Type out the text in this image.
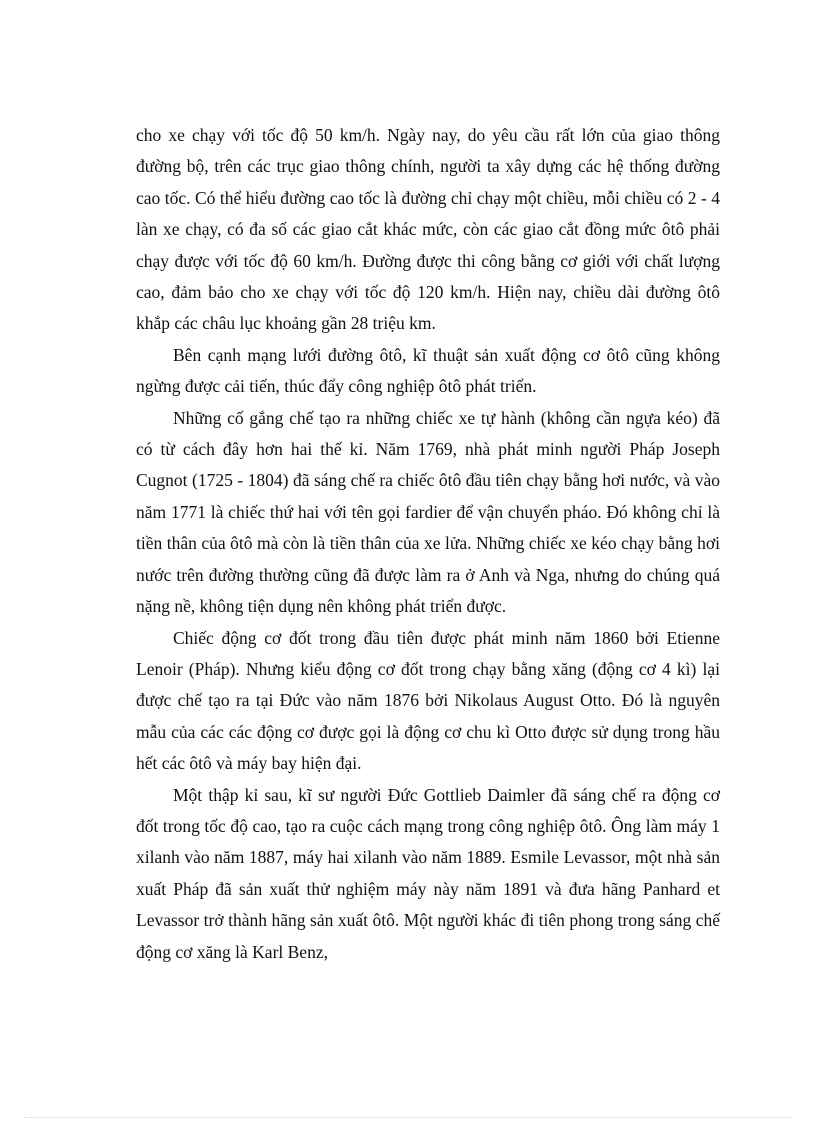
cho xe chạy với tốc độ 50 km/h. Ngày nay, do yêu cầu rất lớn của giao thông đường bộ, trên các trục giao thông chính, người ta xây dựng các hệ thống đường cao tốc. Có thể hiểu đường cao tốc là đường chỉ chạy một chiều, mỗi chiều có 2 - 4 làn xe chạy, có đa số các giao cắt khác mức, còn các giao cắt đồng mức ôtô phải chạy được với tốc độ 60 km/h. Đường được thi công bằng cơ giới với chất lượng cao, đảm bảo cho xe chạy với tốc độ 120 km/h. Hiện nay, chiều dài đường ôtô khắp các châu lục khoảng gần 28 triệu km.

Bên cạnh mạng lưới đường ôtô, kĩ thuật sản xuất động cơ ôtô cũng không ngừng được cải tiến, thúc đẩy công nghiệp ôtô phát triển.

Những cố gắng chế tạo ra những chiếc xe tự hành (không cần ngựa kéo) đã có từ cách đây hơn hai thế kỉ. Năm 1769, nhà phát minh người Pháp Joseph Cugnot (1725 - 1804) đã sáng chế ra chiếc ôtô đầu tiên chạy bằng hơi nước, và vào năm 1771 là chiếc thứ hai với tên gọi fardier để vận chuyển pháo. Đó không chỉ là tiền thân của ôtô mà còn là tiền thân của xe lửa. Những chiếc xe kéo chạy bằng hơi nước trên đường thường cũng đã được làm ra ở Anh và Nga, nhưng do chúng quá nặng nề, không tiện dụng nên không phát triển được.

Chiếc động cơ đốt trong đầu tiên được phát minh năm 1860 bởi Etienne Lenoir (Pháp). Nhưng kiểu động cơ đốt trong chạy bằng xăng (động cơ 4 kì) lại được chế tạo ra tại Đức vào năm 1876 bởi Nikolaus August Otto. Đó là nguyên mẫu của các các động cơ được gọi là động cơ chu kì Otto được sử dụng trong hầu hết các ôtô và máy bay hiện đại.

Một thập kỉ sau, kĩ sư người Đức Gottlieb Daimler đã sáng chế ra động cơ đốt trong tốc độ cao, tạo ra cuộc cách mạng trong công nghiệp ôtô. Ông làm máy 1 xilanh vào năm 1887, máy hai xilanh vào năm 1889. Esmile Levassor, một nhà sản xuất Pháp đã sản xuất thử nghiệm máy này năm 1891 và đưa hãng Panhard et Levassor trở thành hãng sản xuất ôtô. Một người khác đi tiên phong trong sáng chế động cơ xăng là Karl Benz,
